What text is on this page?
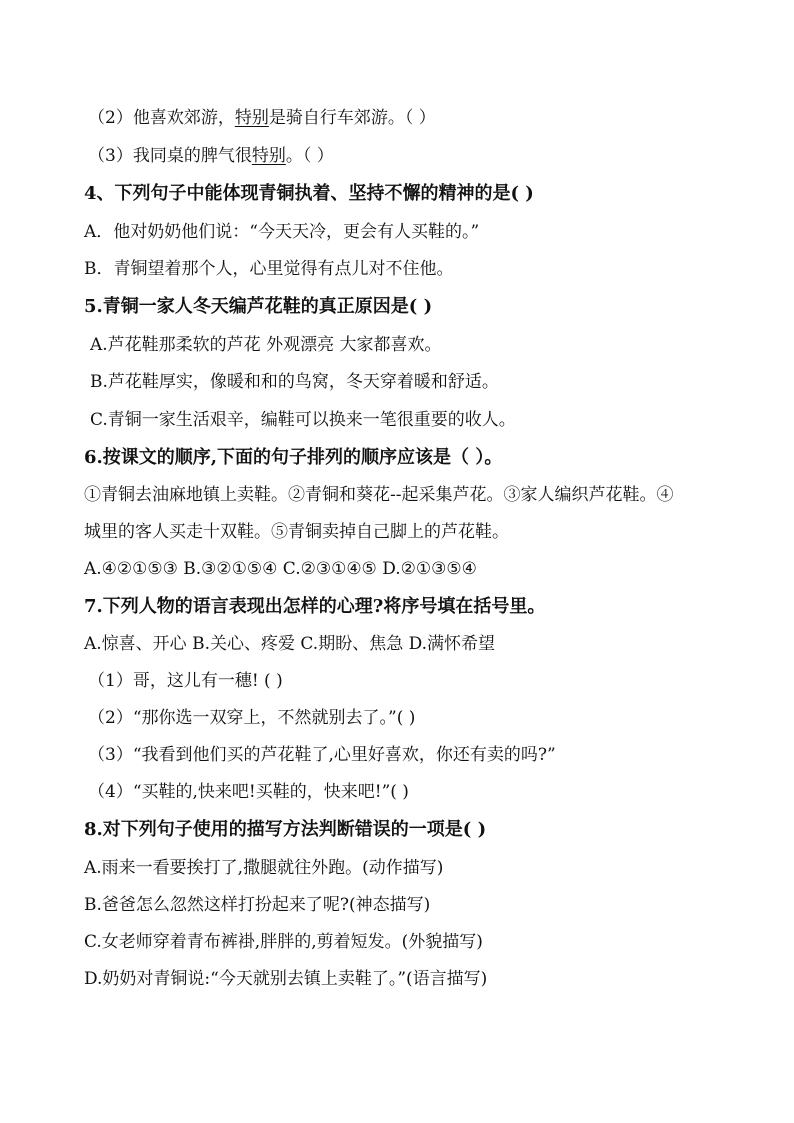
（2）他喜欢郊游，特别是骑自行车郊游。（ ）
（3）我同桌的脾气很特别。（ ）
4、下列句子中能体现青铜执着、坚持不懈的精神的是( )
A．他对奶奶他们说：“今天天冷，更会有人买鞋的。”
B．青铜望着那个人，心里觉得有点儿对不住他。
5.青铜一家人冬天编芦花鞋的真正原因是( )
A.芦花鞋那柔软的芦花 外观漂亮 大家都喜欢。
B.芦花鞋厚实，像暖和和的鸟窝，冬天穿着暖和舒适。
C.青铜一家生活艰辛，编鞋可以换来一笔很重要的收人。
6.按课文的顺序,下面的句子排列的顺序应该是（ ）。
①青铜去油麻地镇上卖鞋。②青铜和葵花--起采集芦花。③家人编织芦花鞋。④
城里的客人买走十双鞋。⑤青铜卖掉自己脚上的芦花鞋。
A.④②①⑤③ B.③②①⑤④ C.②③①④⑤ D.②①③⑤④
7.下列人物的语言表现出怎样的心理?将序号填在括号里。
A.惊喜、开心 B.关心、疼爱 C.期盼、焦急 D.满怀希望
（1）哥，这儿有一穗! ( )
（2）“那你选一双穿上，不然就别去了。”( )
（3）“我看到他们买的芦花鞋了,心里好喜欢，你还有卖的吗?”
（4）“买鞋的,快来吧!买鞋的，快来吧!”( )
8.对下列句子使用的描写方法判断错误的一项是( )
A.雨来一看要挨打了,撒腿就往外跑。(动作描写)
B.爸爸怎么忽然这样打扮起来了呢?(神态描写)
C.女老师穿着青布裤褂,胖胖的,剪着短发。(外貌描写)
D.奶奶对青铜说:“今天就别去镇上卖鞋了。”(语言描写)
